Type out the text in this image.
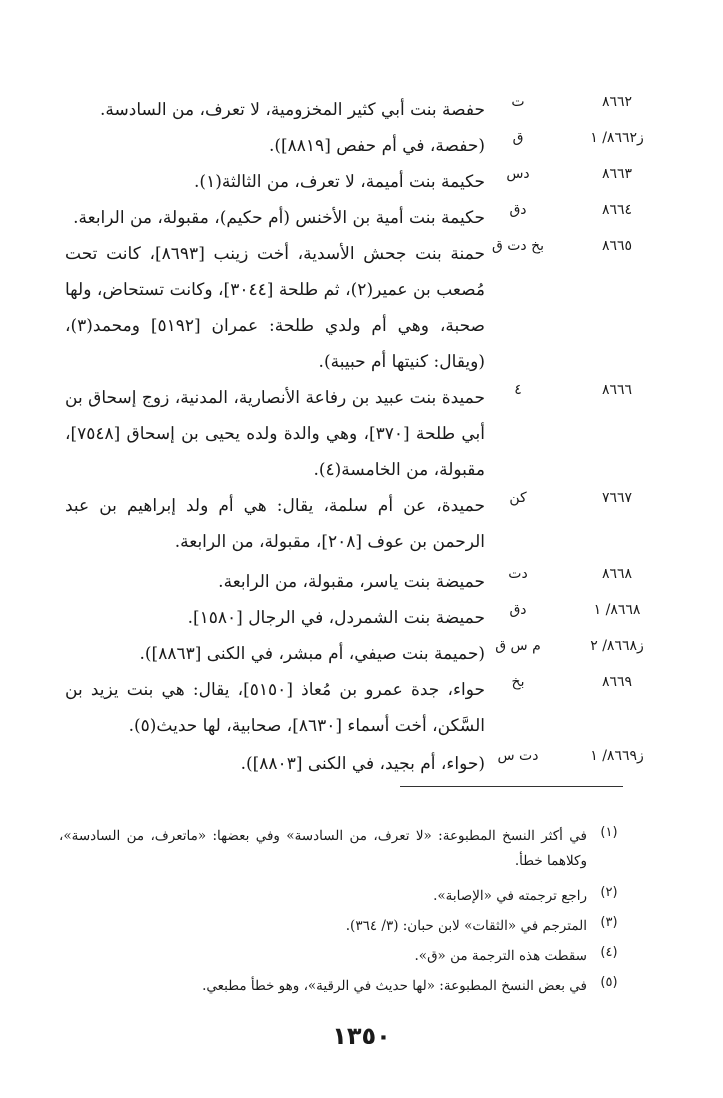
٨٦٦٢
ت
حفصة بنت أبي كثير المخزومية، لا تعرف، من السادسة.
ز٨٦٦٢/ ١
ق
(حفصة، في أم حفص [٨٨١٩]).
٨٦٦٣
دس
حكيمة بنت أميمة، لا تعرف، من الثالثة(١).
٨٦٦٤
دق
حكيمة بنت أمية بن الأخنس (أم حكيم)، مقبولة، من الرابعة.
٨٦٦٥
بخ دت ق
حمنة بنت جحش الأسدية، أخت زينب [٨٦٩٣]، كانت تحت مُصعب بن عمير(٢)، ثم طلحة [٣٠٤٤]، وكانت تستحاض، ولها صحبة، وهي أم ولدي طلحة: عمران [٥١٩٢] ومحمد(٣)، (ويقال: كنيتها أم حبيبة).
٨٦٦٦
٤
حميدة بنت عبيد بن رفاعة الأنصارية، المدنية، زوج إسحاق بن أبي طلحة [٣٧٠]، وهي والدة ولده يحيى بن إسحاق [٧٥٤٨]، مقبولة، من الخامسة(٤).
٧٦٦٧
كن
حميدة، عن أم سلمة، يقال: هي أم ولد إبراهيم بن عبد الرحمن بن عوف [٢٠٨]، مقبولة، من الرابعة.
٨٦٦٨
دت
حميضة بنت ياسر، مقبولة، من الرابعة.
٨٦٦٨/ ١
دق
حميضة بنت الشمردل، في الرجال [١٥٨٠].
ز٨٦٦٨/ ٢
م س ق
(حميمة بنت صيفي، أم مبشر، في الكنى [٨٨٦٣]).
٨٦٦٩
بخ
حواء، جدة عمرو بن مُعاذ [٥١٥٠]، يقال: هي بنت يزيد بن السَّكن، أخت أسماء [٨٦٣٠]، صحابية، لها حديث(٥).
ز٨٦٦٩/ ١
دت س
(حواء، أم بجيد، في الكنى [٨٨٠٣]).
(١)
في أكثر النسخ المطبوعة: «لا تعرف، من السادسة» وفي بعضها: «ماتعرف، من السادسة»، وكلاهما خطأ.
(٢)
راجع ترجمته في «الإصابة».
(٣)
المترجم في «الثقات» لابن حبان: (٣/ ٣٦٤).
(٤)
سقطت هذه الترجمة من «ق».
(٥)
في بعض النسخ المطبوعة: «لها حديث في الرقية»، وهو خطأ مطبعي.
١٣٥٠
